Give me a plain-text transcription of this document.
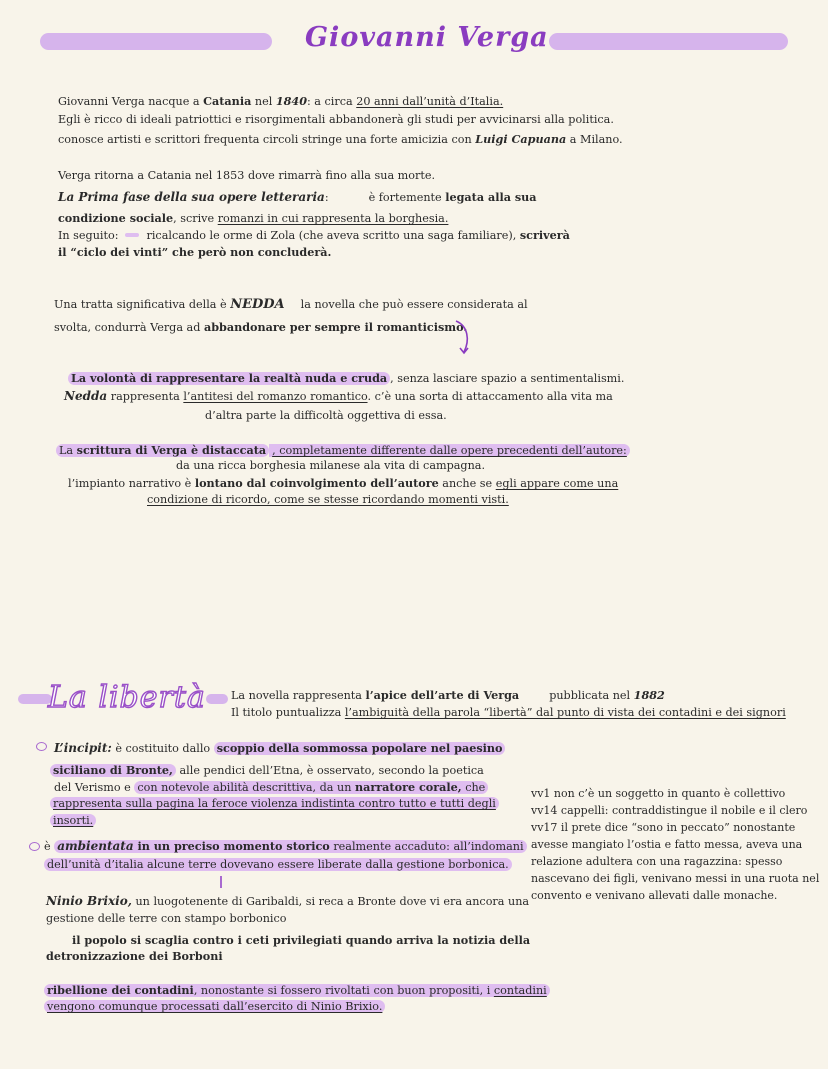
Giovanni Verga
Giovanni Verga nacque a Catania nel 1840: a circa 20 anni dall’unità d’Italia.
Egli è ricco di ideali patriottici e risorgimentali abbandonerà gli studi per avvicinarsi alla politica.
conosce artisti e scrittori frequenta circoli stringe una forte amicizia con Luigi Capuana a Milano.
Verga ritorna a Catania nel 1853 dove rimarrà fino alla sua morte.
La Prima fase della sua opere letteraria:	è fortemente legata alla sua
condizione sociale, scrive romanzi in cui rappresenta la borghesia.
In seguito:	ricalcando le orme di Zola (che aveva scritto una saga familiare), scriverà
il “ciclo dei vinti” che però non concluderà.
Una tratta significativa della è NEDDA la novella che può essere considerata al
svolta, condurrà Verga ad abbandonare per sempre il romanticismo.
La volontà di rappresentare la realtà nuda e cruda , senza lasciare spazio a sentimentalismi.
Nedda rappresenta l’antitesi del romanzo romantico. c’è una sorta di attaccamento alla vita ma
d’altra parte la difficoltà oggettiva di essa.
La scrittura di Verga è distaccata , completamente differente dalle opere precedenti dell’autore:
da una ricca borghesia milanese ala vita di campagna.
l’impianto narrativo è lontano dal coinvolgimento dell’autore anche se egli appare come una
condizione di ricordo, come se stesse ricordando momenti visti.
La libertà La novella rappresenta l’apice dell’arte di Verga	pubblicata nel 1882
Il titolo puntualizza l’ambiguità della parola “libertà” dal punto di vista dei contadini e dei signori
L’incipit: è costituito dallo scoppio della sommossa popolare nel paesino
siciliano di Bronte, alle pendici dell’Etna, è osservato, secondo la poetica
del Verismo e con notevole abilità descrittiva, da un narratore corale, che
rappresenta sulla pagina la feroce violenza indistinta contro tutto e tutti degli
insorti.
è ambientata in un preciso momento storico realmente accaduto: all’indomani
dell’unità d’italia alcune terre dovevano essere liberate dalla gestione borbonica.
Ninio Brixio, un luogotenente di Garibaldi, si reca a Bronte dove vi era ancora una
gestione delle terre con stampo borbonico
il popolo si scaglia contro i ceti privilegiati quando arriva la notizia della
detronizzazione dei Borboni
ribellione dei contadini, nonostante si fossero rivoltati con buon propositi, i contadini
vengono comunque processati dall’esercito di Ninio Brixio.
vv1 non c’è un soggetto in quanto è collettivo
vv14 cappelli: contraddistingue il nobile e il clero
vv17 il prete dice “sono in peccato” nonostante
avesse mangiato l’ostia e fatto messa, aveva una
relazione adultera con una ragazzina: spesso
nascevano dei figli, venivano messi in una ruota nel
convento e venivano allevati dalle monache.
